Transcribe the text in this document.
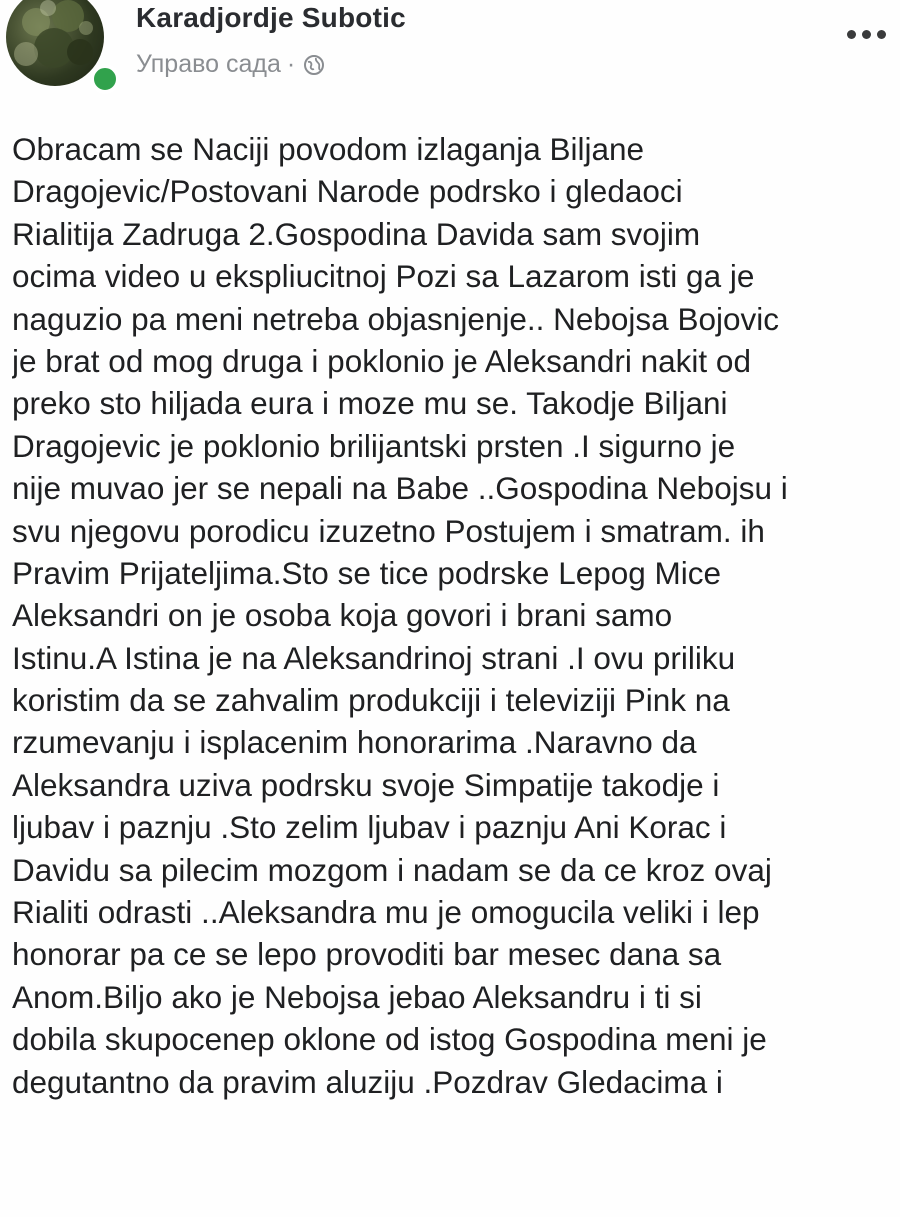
Karadjordje Subotic
Управо сада ·
Obracam se Naciji povodom izlaganja Biljane
Dragojevic/Postovani Narode podrsko i gledaoci
Rialitija Zadruga 2.Gospodina Davida sam svojim
ocima video u ekspliucitnoj Pozi sa Lazarom isti ga je
naguzio pa meni netreba objasnjenje.. Nebojsa Bojovic
je brat od mog druga i poklonio je Aleksandri nakit od
preko sto hiljada eura i moze mu se. Takodje Biljani
Dragojevic je poklonio brilijantski prsten .I sigurno je
nije muvao jer se nepali na Babe ..Gospodina Nebojsu i
svu njegovu porodicu izuzetno Postujem i smatram. ih
Pravim Prijateljima.Sto se tice podrske Lepog Mice
Aleksandri on je osoba koja govori i brani samo
Istinu.A Istina je na Aleksandrinoj strani .I ovu priliku
koristim da se zahvalim produkciji i televiziji Pink na
rzumevanju i isplacenim honorarima .Naravno da
Aleksandra uziva podrsku svoje Simpatije takodje i
ljubav i paznju .Sto zelim ljubav i paznju Ani Korac i
Davidu sa pilecim mozgom i nadam se da ce kroz ovaj
Rialiti odrasti ..Aleksandra mu je omogucila veliki i lep
honorar pa ce se lepo provoditi bar mesec dana sa
Anom.Biljo ako je Nebojsa jebao Aleksandru i ti si
dobila skupocenep oklone od istog Gospodina meni je
degutantno da pravim aluziju .Pozdrav Gledacima i
